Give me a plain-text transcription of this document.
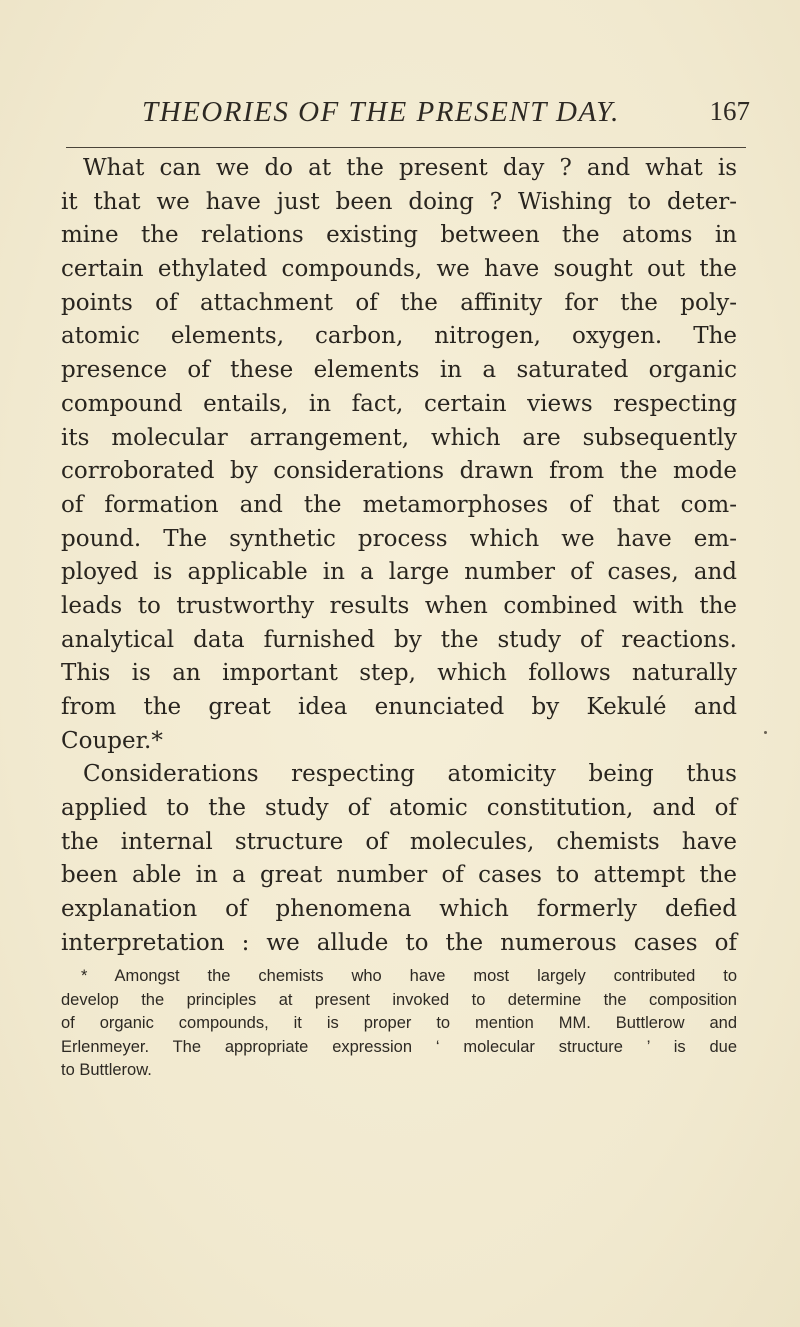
THEORIES OF THE PRESENT DAY.	167
What can we do at the present day ? and what is
it that we have just been doing ? Wishing to deter-
mine the relations existing between the atoms in
certain ethylated compounds, we have sought out the
points of attachment of the affinity for the poly-
atomic elements, carbon, nitrogen, oxygen. The
presence of these elements in a saturated organic
compound entails, in fact, certain views respecting
its molecular arrangement, which are subsequently
corroborated by considerations drawn from the mode
of formation and the metamorphoses of that com-
pound. The synthetic process which we have em-
ployed is applicable in a large number of cases, and
leads to trustworthy results when combined with the
analytical data furnished by the study of reactions.
This is an important step, which follows naturally
from the great idea enunciated by Kekulé and
Couper.*
Considerations respecting atomicity being thus
applied to the study of atomic constitution, and of
the internal structure of molecules, chemists have
been able in a great number of cases to attempt the
explanation of phenomena which formerly defied
interpretation : we allude to the numerous cases of
* Amongst the chemists who have most largely contributed to
develop the principles at present invoked to determine the composition
of organic compounds, it is proper to mention MM. Buttlerow and
Erlenmeyer. The appropriate expression ‘ molecular structure ’ is due
to Buttlerow.
